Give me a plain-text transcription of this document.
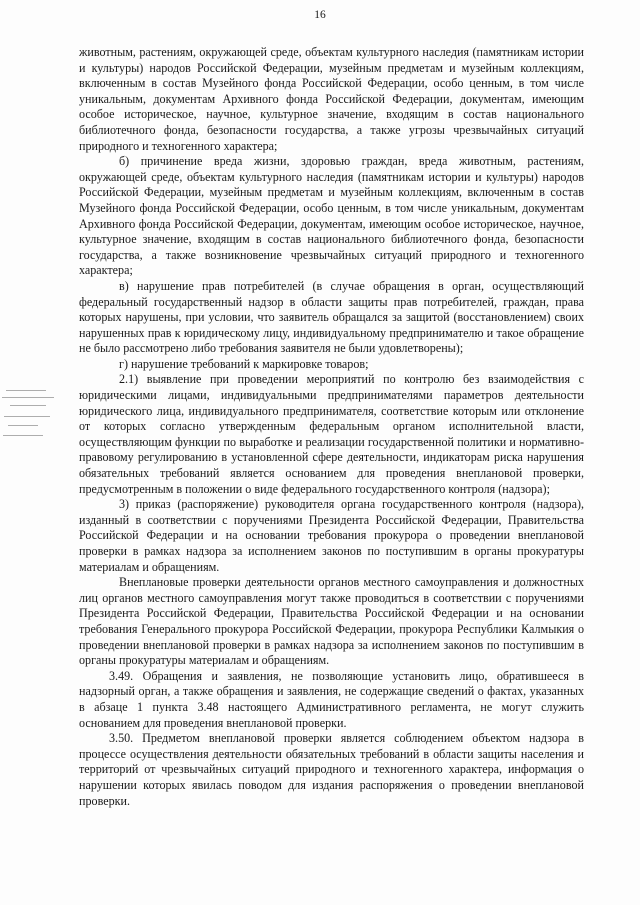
16

животным, растениям, окружающей среде, объектам культурного наследия (памятникам истории и культуры) народов Российской Федерации, музейным предметам и музейным коллекциям, включенным в состав Музейного фонда Российской Федерации, особо ценным, в том числе уникальным, документам Архивного фонда Российской Федерации, документам, имеющим особое историческое, научное, культурное значение, входящим в состав национального библиотечного фонда, безопасности государства, а также угрозы чрезвычайных ситуаций природного и техногенного характера;

б) причинение вреда жизни, здоровью граждан, вреда животным, растениям, окружающей среде, объектам культурного наследия (памятникам истории и культуры) народов Российской Федерации, музейным предметам и музейным коллекциям, включенным в состав Музейного фонда Российской Федерации, особо ценным, в том числе уникальным, документам Архивного фонда Российской Федерации, документам, имеющим особое историческое, научное, культурное значение, входящим в состав национального библиотечного фонда, безопасности государства, а также возникновение чрезвычайных ситуаций природного и техногенного характера;

в) нарушение прав потребителей (в случае обращения в орган, осуществляющий федеральный государственный надзор в области защиты прав потребителей, граждан, права которых нарушены, при условии, что заявитель обращался за защитой (восстановлением) своих нарушенных прав к юридическому лицу, индивидуальному предпринимателю и такое обращение не было рассмотрено либо требования заявителя не были удовлетворены);

г) нарушение требований к маркировке товаров;

2.1) выявление при проведении мероприятий по контролю без взаимодействия с юридическими лицами, индивидуальными предпринимателями параметров деятельности юридического лица, индивидуального предпринимателя, соответствие которым или отклонение от которых согласно утвержденным федеральным органом исполнительной власти, осуществляющим функции по выработке и реализации государственной политики и нормативно-правовому регулированию в установленной сфере деятельности, индикаторам риска нарушения обязательных требований является основанием для проведения внеплановой проверки, предусмотренным в положении о виде федерального государственного контроля (надзора);

3) приказ (распоряжение) руководителя органа государственного контроля (надзора), изданный в соответствии с поручениями Президента Российской Федерации, Правительства Российской Федерации и на основании требования прокурора о проведении внеплановой проверки в рамках надзора за исполнением законов по поступившим в органы прокуратуры материалам и обращениям.

Внеплановые проверки деятельности органов местного самоуправления и должностных лиц органов местного самоуправления могут также проводиться в соответствии с поручениями Президента Российской Федерации, Правительства Российской Федерации и на основании требования Генерального прокурора Российской Федерации, прокурора Республики Калмыкия о проведении внеплановой проверки в рамках надзора за исполнением законов по поступившим в органы прокуратуры материалам и обращениям.

3.49. Обращения и заявления, не позволяющие установить лицо, обратившееся в надзорный орган, а также обращения и заявления, не содержащие сведений о фактах, указанных в абзаце 1 пункта 3.48 настоящего Административного регламента, не могут служить основанием для проведения внеплановой проверки.

3.50. Предметом внеплановой проверки является соблюдением объектом надзора в процессе осуществления деятельности обязательных требований в области защиты населения и территорий от чрезвычайных ситуаций природного и техногенного характера, информация о нарушении которых явилась поводом для издания распоряжения о проведении внеплановой проверки.
